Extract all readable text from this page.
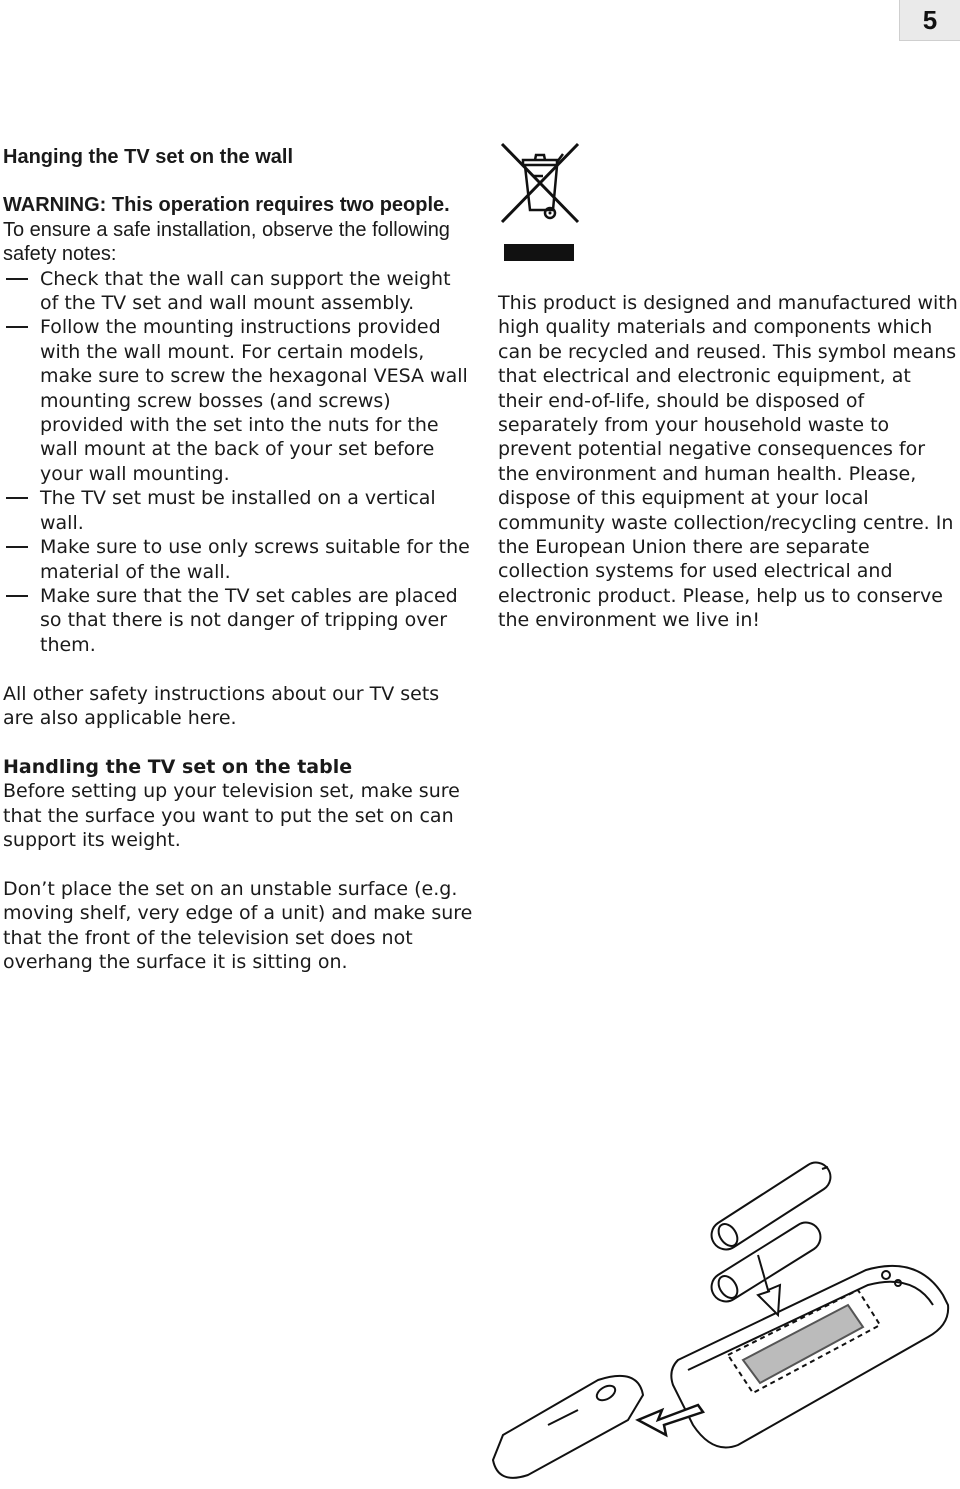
5

Hanging the TV set on the wall

WARNING: This operation requires two people.

To ensure a safe installation, observe the following safety notes:

Check that the wall can support the weight of the TV set and wall mount assembly.
Follow the mounting instructions provided with the wall mount. For certain models, make sure to screw the hexagonal VESA wall mounting screw bosses (and screws) provided with the set into the nuts for the wall mount at the back of your set before your wall mounting.
The TV set must be installed on a vertical wall.
Make sure to use only screws suitable for the material of the wall.
Make sure that the TV set cables are placed so that there is not danger of tripping over them.

All other safety instructions about our TV sets are also applicable here.

Handling the TV set on the table

Before setting up your television set, make sure that the surface you want to put the set on can support its weight.

Don’t place the set on an unstable surface (e.g. moving shelf, very edge of a unit) and make sure that the front of the television set does not overhang the surface it is sitting on.

This product is designed and manufactured with high quality materials and components which can be recycled and reused. This symbol means that electrical and electronic equipment, at their end-of-life, should be disposed of separately from your household waste to prevent potential negative consequences for the environment and human health. Please, dispose of this equipment at your local community waste collection/recycling centre. In the European Union there are separate collection systems for used electrical and electronic product. Please, help us to conserve the environment we live in!
